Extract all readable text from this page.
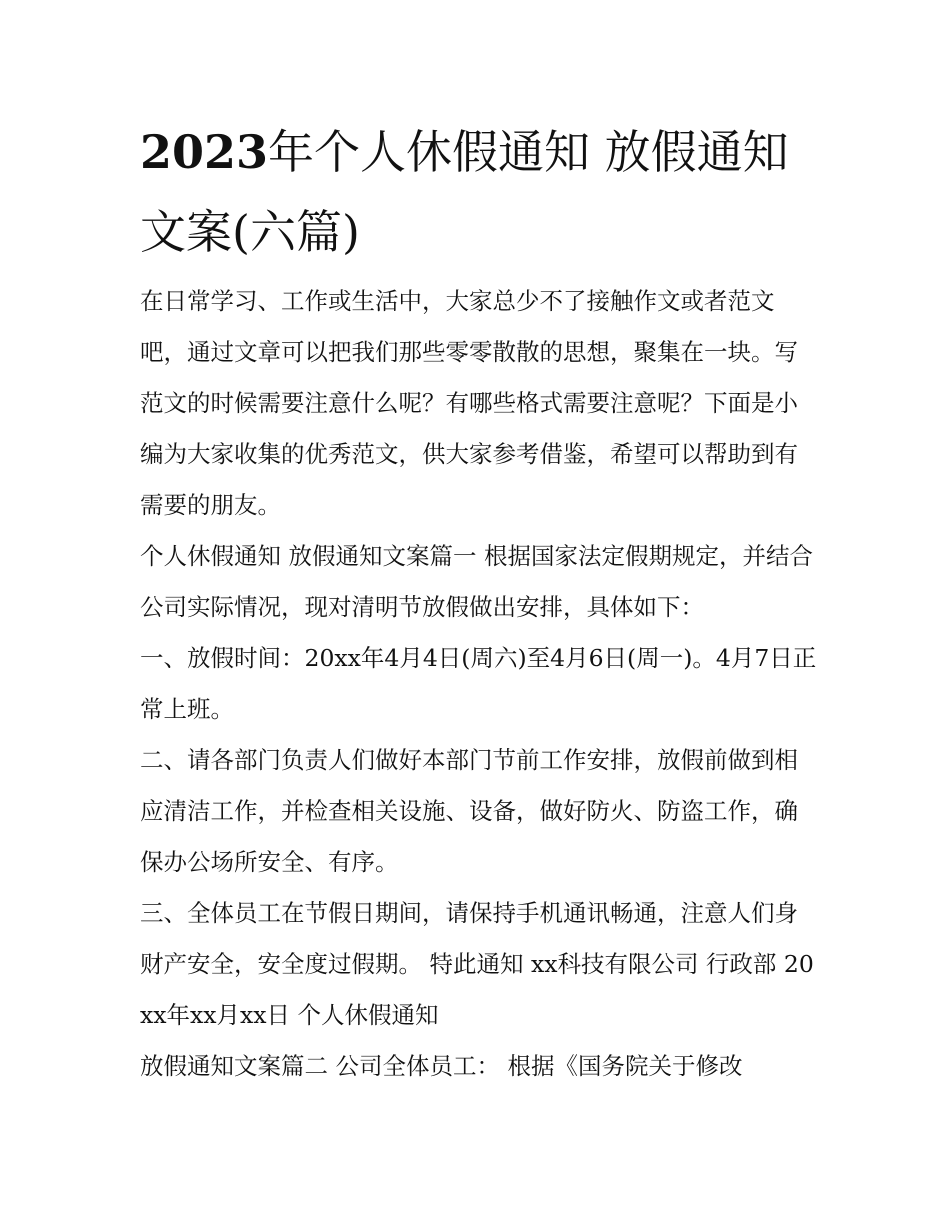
2023年个人休假通知 放假通知文案(六篇)

在日常学习、工作或生活中，大家总少不了接触作文或者范文吧，通过文章可以把我们那些零零散散的思想，聚集在一块。写范文的时候需要注意什么呢？有哪些格式需要注意呢？下面是小编为大家收集的优秀范文，供大家参考借鉴，希望可以帮助到有需要的朋友。

个人休假通知 放假通知文案篇一 根据国家法定假期规定，并结合公司实际情况，现对清明节放假做出安排，具体如下：

一、放假时间：20xx年4月4日(周六)至4月6日(周一)。4月7日正常上班。

二、请各部门负责人们做好本部门节前工作安排，放假前做到相应清洁工作，并检查相关设施、设备，做好防火、防盗工作，确保办公场所安全、有序。

三、全体员工在节假日期间，请保持手机通讯畅通，注意人们身财产安全，安全度过假期。 特此通知 xx科技有限公司 行政部 20xx年xx月xx日 个人休假通知

放假通知文案篇二 公司全体员工： 根据《国务院关于修改
